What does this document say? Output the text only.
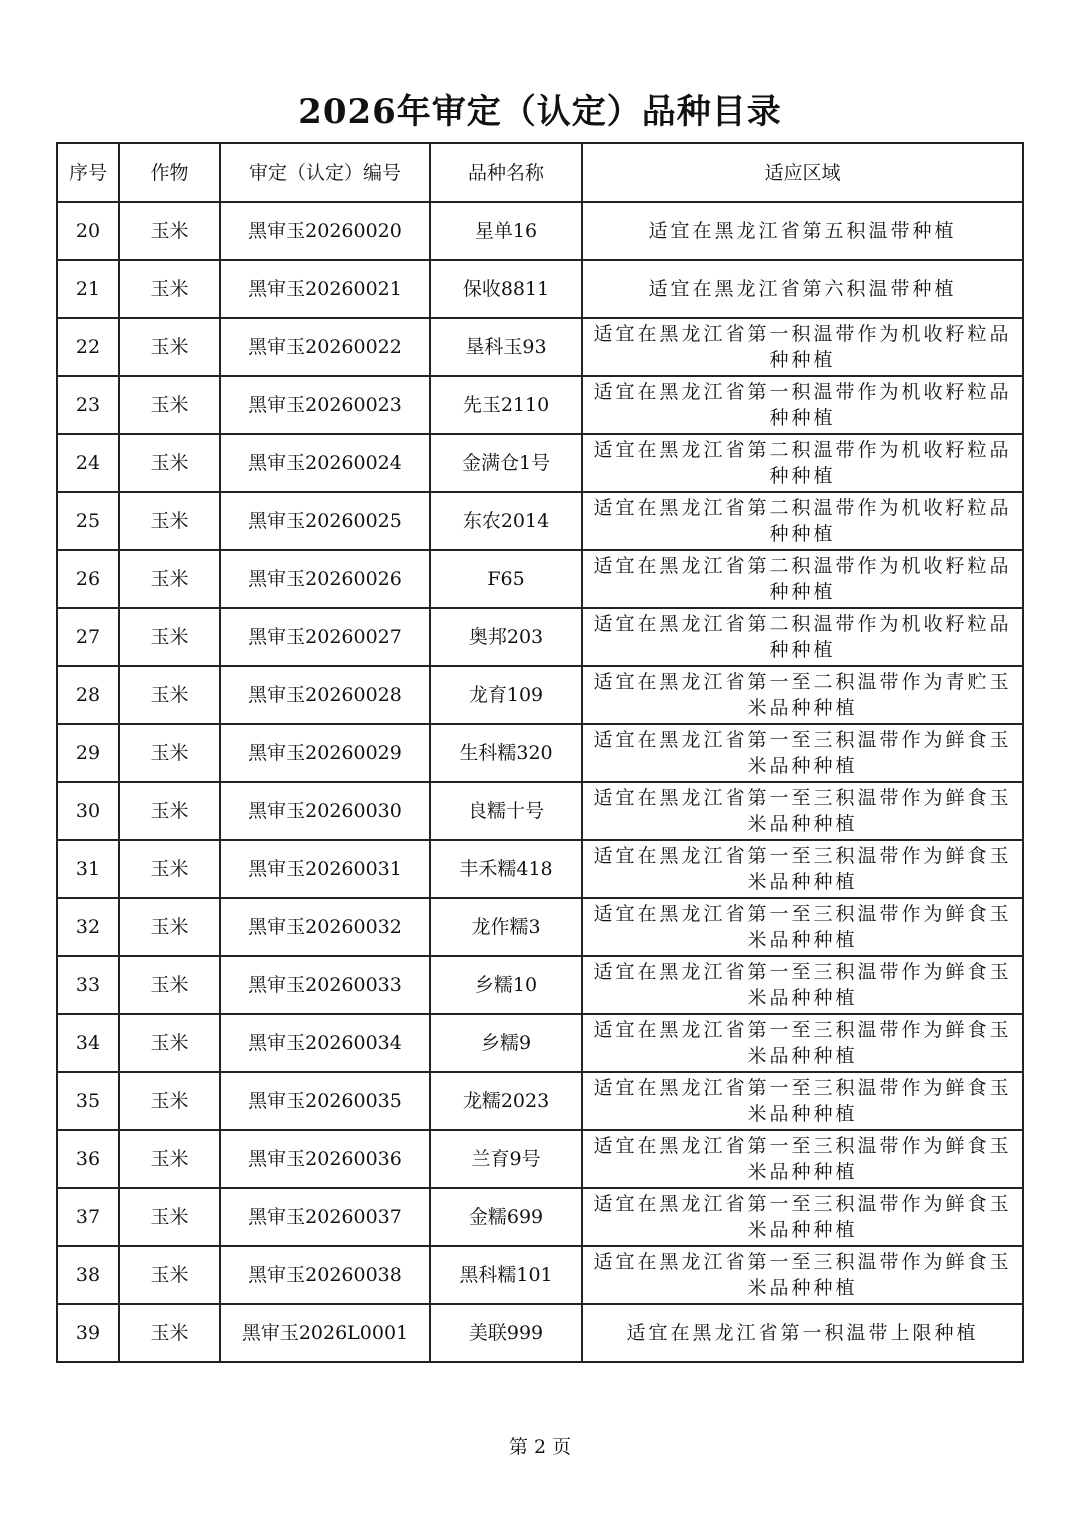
2026年审定（认定）品种目录
序号	作物	审定（认定）编号	品种名称	适应区域
20	玉米	黑审玉20260020	星单16	适宜在黑龙江省第五积温带种植
21	玉米	黑审玉20260021	保收8811	适宜在黑龙江省第六积温带种植
22	玉米	黑审玉20260022	垦科玉93	适宜在黑龙江省第一积温带作为机收籽粒品种种植
23	玉米	黑审玉20260023	先玉2110	适宜在黑龙江省第一积温带作为机收籽粒品种种植
24	玉米	黑审玉20260024	金满仓1号	适宜在黑龙江省第二积温带作为机收籽粒品种种植
25	玉米	黑审玉20260025	东农2014	适宜在黑龙江省第二积温带作为机收籽粒品种种植
26	玉米	黑审玉20260026	F65	适宜在黑龙江省第二积温带作为机收籽粒品种种植
27	玉米	黑审玉20260027	奥邦203	适宜在黑龙江省第二积温带作为机收籽粒品种种植
28	玉米	黑审玉20260028	龙育109	适宜在黑龙江省第一至二积温带作为青贮玉米品种种植
29	玉米	黑审玉20260029	生科糯320	适宜在黑龙江省第一至三积温带作为鲜食玉米品种种植
30	玉米	黑审玉20260030	良糯十号	适宜在黑龙江省第一至三积温带作为鲜食玉米品种种植
31	玉米	黑审玉20260031	丰禾糯418	适宜在黑龙江省第一至三积温带作为鲜食玉米品种种植
32	玉米	黑审玉20260032	龙作糯3	适宜在黑龙江省第一至三积温带作为鲜食玉米品种种植
33	玉米	黑审玉20260033	乡糯10	适宜在黑龙江省第一至三积温带作为鲜食玉米品种种植
34	玉米	黑审玉20260034	乡糯9	适宜在黑龙江省第一至三积温带作为鲜食玉米品种种植
35	玉米	黑审玉20260035	龙糯2023	适宜在黑龙江省第一至三积温带作为鲜食玉米品种种植
36	玉米	黑审玉20260036	兰育9号	适宜在黑龙江省第一至三积温带作为鲜食玉米品种种植
37	玉米	黑审玉20260037	金糯699	适宜在黑龙江省第一至三积温带作为鲜食玉米品种种植
38	玉米	黑审玉20260038	黑科糯101	适宜在黑龙江省第一至三积温带作为鲜食玉米品种种植
39	玉米	黑审玉2026L0001	美联999	适宜在黑龙江省第一积温带上限种植
第 2 页
